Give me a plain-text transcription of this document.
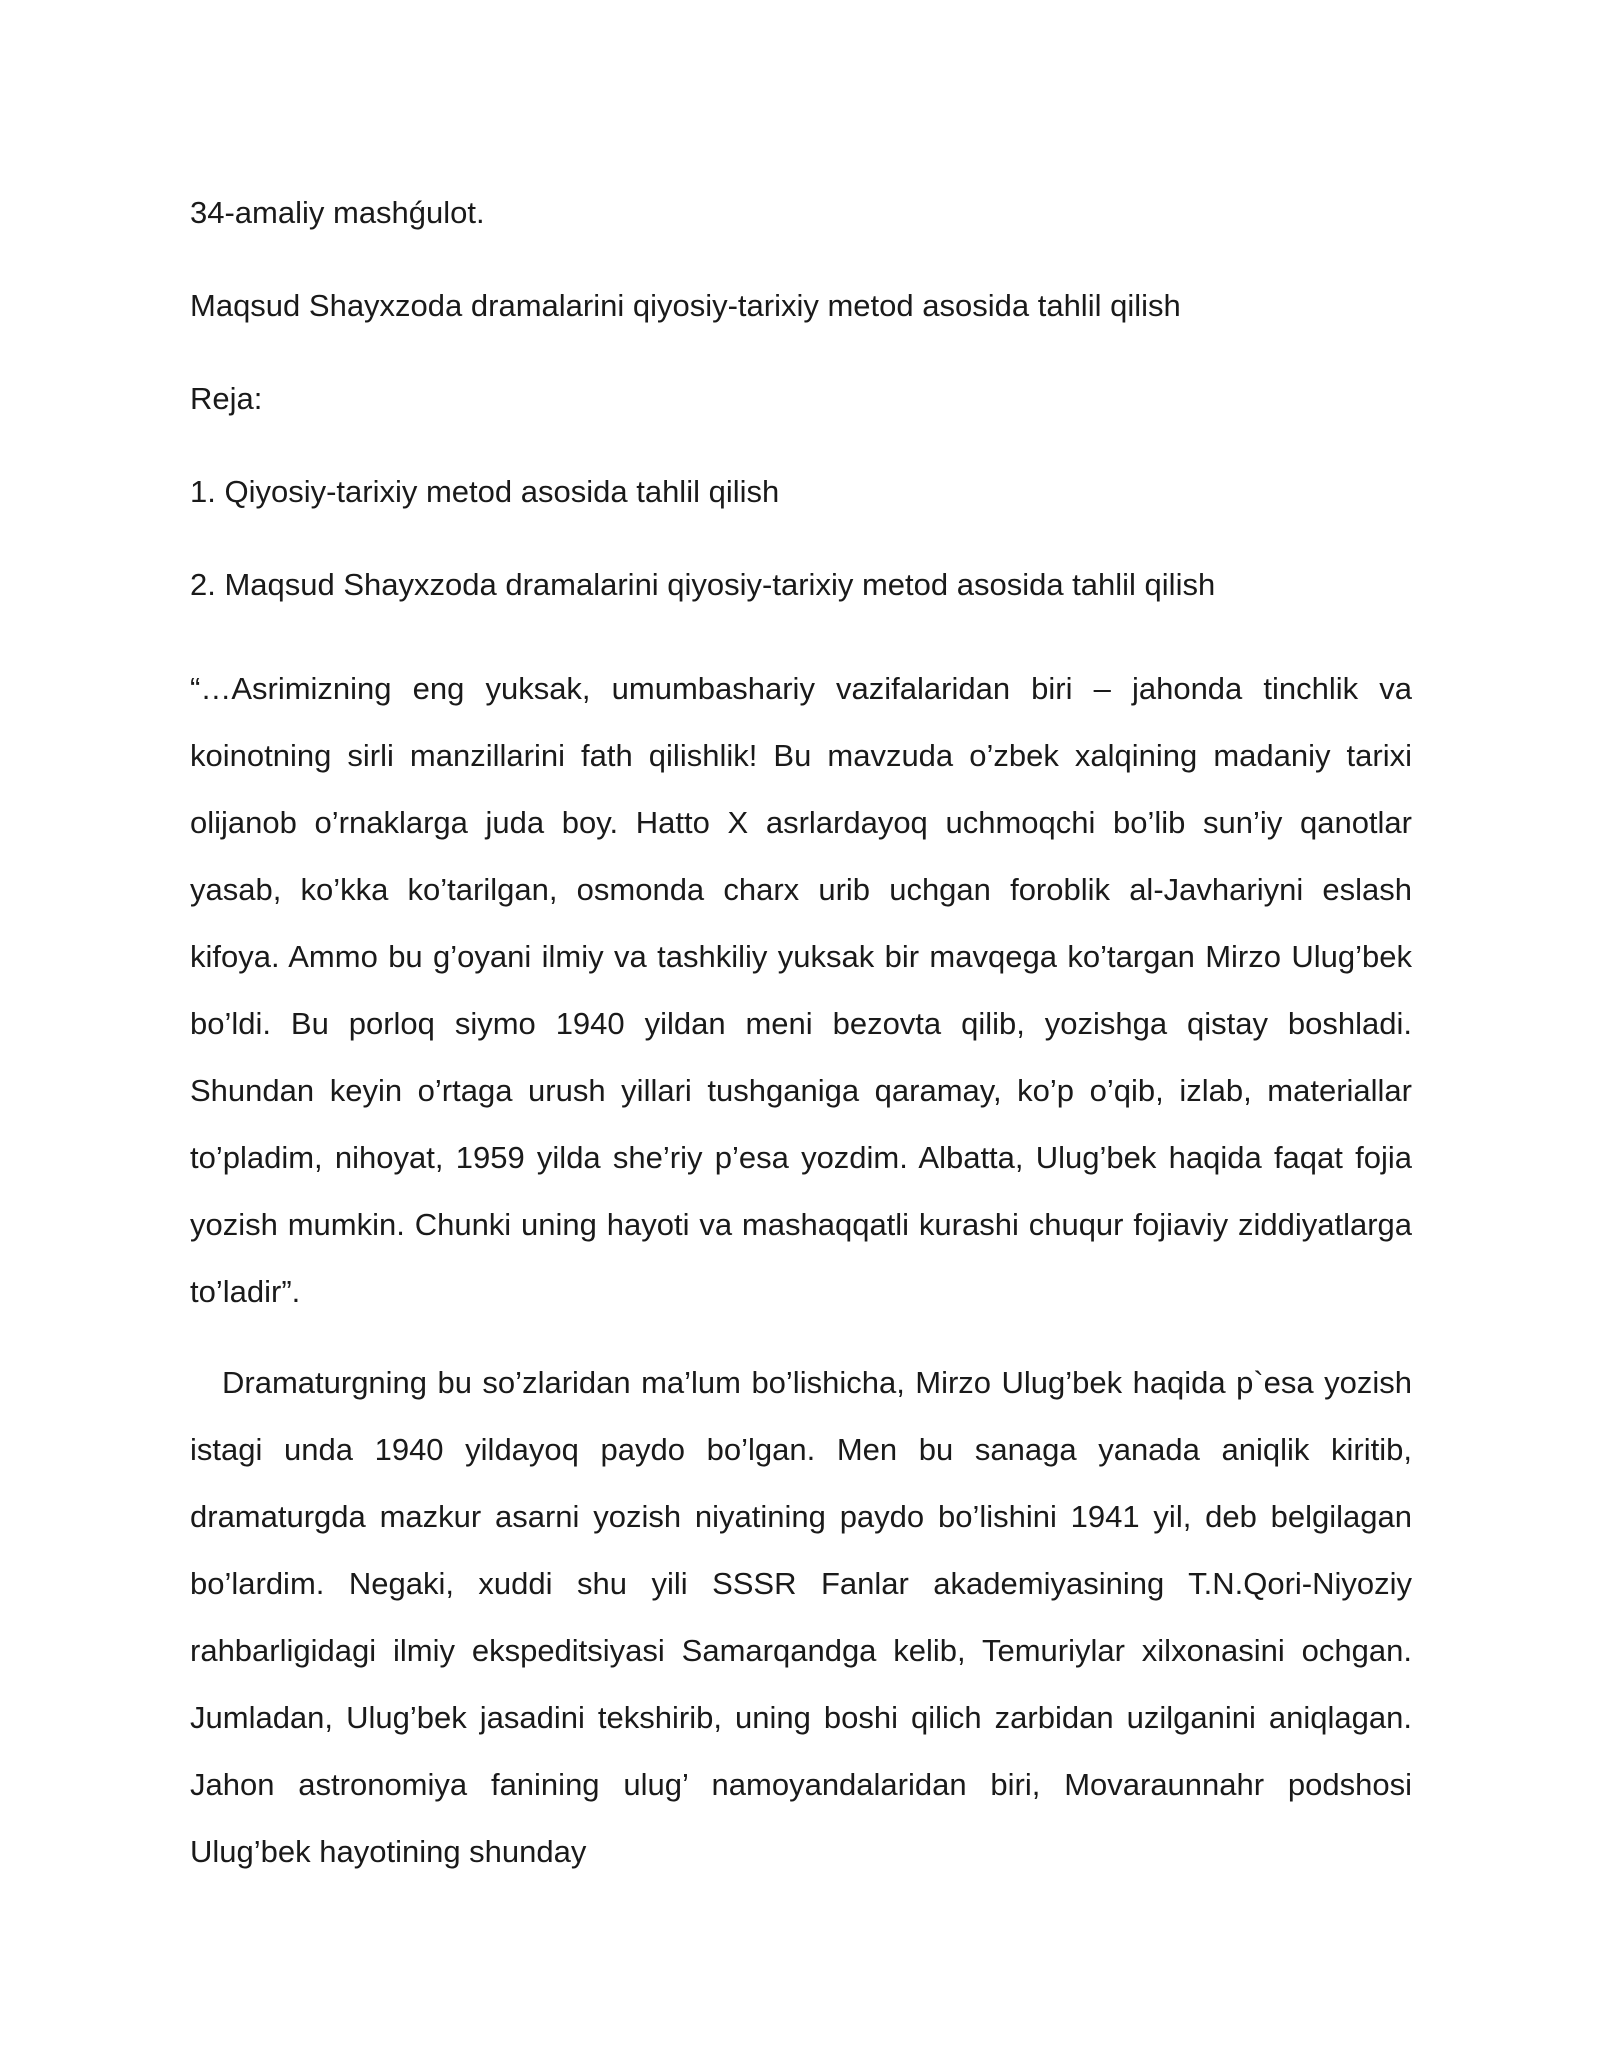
34-amaliy mashǵulot.

Maqsud Shayxzoda dramalarini qiyosiy-tarixiy metod asosida tahlil qilish

Reja:

1. Qiyosiy-tarixiy metod asosida tahlil qilish

2. Maqsud Shayxzoda dramalarini qiyosiy-tarixiy metod asosida tahlil qilish

“…Asrimizning eng yuksak, umumbashariy vazifalaridan biri – jahonda tinchlik va koinotning sirli manzillarini fath qilishlik! Bu mavzuda o’zbek xalqining madaniy tarixi olijanob o’rnaklarga juda boy. Hatto X asrlardayoq uchmoqchi bo’lib sun’iy qanotlar yasab, ko’kka ko’tarilgan, osmonda charx urib uchgan foroblik al-Javhariyni eslash kifoya. Ammo bu g’oyani ilmiy va tashkiliy yuksak bir mavqega ko’targan Mirzo Ulug’bek bo’ldi. Bu porloq siymo 1940 yildan meni bezovta qilib, yozishga qistay boshladi. Shundan keyin o’rtaga urush yillari tushganiga qaramay, ko’p o’qib, izlab, materiallar to’pladim, nihoyat, 1959 yilda she’riy p’esa yozdim. Albatta, Ulug’bek haqida faqat fojia yozish mumkin. Chunki uning hayoti va mashaqqatli kurashi chuqur fojiaviy ziddiyatlarga to’ladir”.

Dramaturgning bu so’zlaridan ma’lum bo’lishicha, Mirzo Ulug’bek haqida p`esa yozish istagi unda 1940 yildayoq paydo bo’lgan. Men bu sanaga yanada aniqlik kiritib, dramaturgda mazkur asarni yozish niyatining paydo bo’lishini 1941 yil, deb belgilagan bo’lardim. Negaki, xuddi shu yili SSSR Fanlar akademiyasining T.N.Qori-Niyoziy rahbarligidagi ilmiy ekspeditsiyasi Samarqandga kelib, Temuriylar xilxonasini ochgan. Jumladan, Ulug’bek jasadini tekshirib, uning boshi qilich zarbidan uzilganini aniqlagan. Jahon astronomiya fanining ulug’ namoyandalaridan biri, Movaraunnahr podshosi Ulug’bek hayotining shunday
